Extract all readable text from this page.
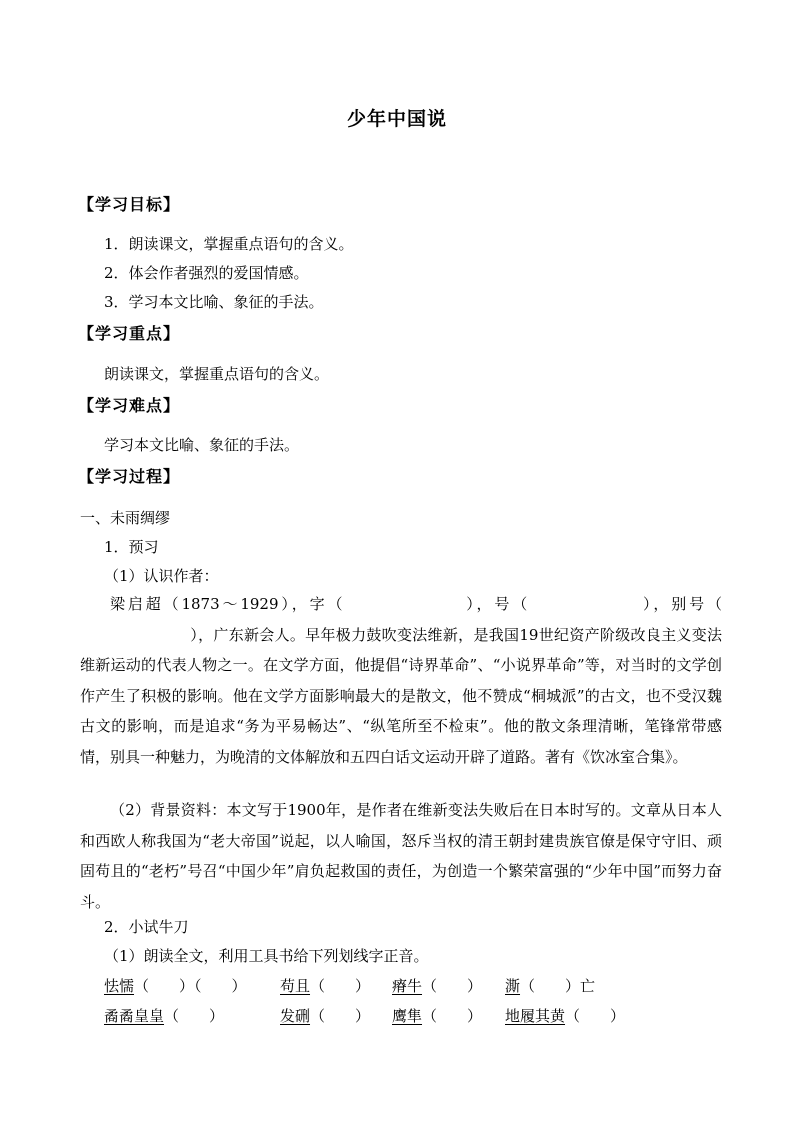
少年中国说
【学习目标】
1．朗读课文，掌握重点语句的含义。
2．体会作者强烈的爱国情感。
3．学习本文比喻、象征的手法。
【学习重点】
朗读课文，掌握重点语句的含义。
【学习难点】
学习本文比喻、象征的手法。
【学习过程】
一、未雨绸缪
1．预习
（1）认识作者：
梁启超（1873～1929），字（	），号（	），别号（），广东新会人。早年极力鼓吹变法维新，是我国19世纪资产阶级改良主义变法维新运动的代表人物之一。在文学方面，他提倡“诗界革命”、“小说界革命”等，对当时的文学创作产生了积极的影响。他在文学方面影响最大的是散文，他不赞成“桐城派”的古文，也不受汉魏古文的影响，而是追求“务为平易畅达”、“纵笔所至不检束”。他的散文条理清晰，笔锋常带感情，别具一种魅力，为晚清的文体解放和五四白话文运动开辟了道路。著有《饮冰室合集》。
（2）背景资料：本文写于1900年，是作者在维新变法失败后在日本时写的。文章从日本人和西欧人称我国为“老大帝国”说起，以人喻国，怒斥当权的清王朝封建贵族官僚是保守守旧、顽固苟且的“老朽”号召“中国少年”肩负起救国的责任，为创造一个繁荣富强的“少年中国”而努力奋斗。
2．小试牛刀
（1）朗读全文，利用工具书给下列划线字正音。
怯懦（　　）（　　） 苟且（　　） 瘠牛（　　） 澌（　　）亡
矞矞皇皇（　　）	发硎（　　） 鹰隼（　　） 地履其黄（　　）
